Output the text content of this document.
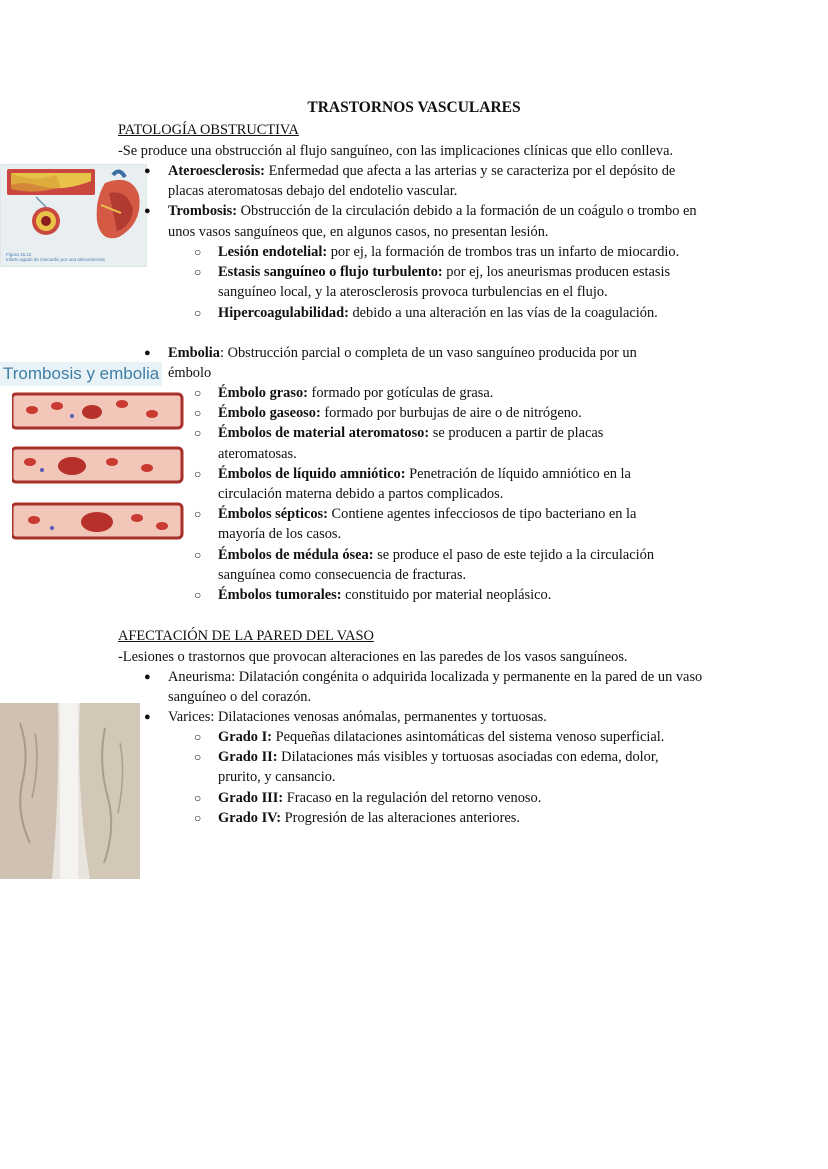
TRASTORNOS VASCULARES
PATOLOGÍA OBSTRUCTIVA
-Se produce una obstrucción al flujo sanguíneo, con las implicaciones clínicas que ello conlleva.
Figura 15.12
Infarto agudo de miocardio por una aterosclerosis
● Ateroesclerosis: Enfermedad que afecta a las arterias y se caracteriza por el depósito de placas ateromatosas debajo del endotelio vascular.
● Trombosis: Obstrucción de la circulación debido a la formación de un coágulo o trombo en unos vasos sanguíneos que, en algunos casos, no presentan lesión.
○ Lesión endotelial: por ej, la formación de trombos tras un infarto de miocardio.
○ Estasis sanguíneo o flujo turbulento: por ej, los aneurismas producen estasis sanguíneo local, y la aterosclerosis provoca turbulencias en el flujo.
○ Hipercoagulabilidad: debido a una alteración en las vías de la coagulación.
Trombosis y embolia
● Embolia: Obstrucción parcial o completa de un vaso sanguíneo producida por un émbolo
○ Émbolo graso: formado por gotículas de grasa.
○ Émbolo gaseoso: formado por burbujas de aire o de nitrógeno.
○ Émbolos de material ateromatoso: se producen a partir de placas ateromatosas.
○ Émbolos de líquido amniótico: Penetración de líquido amniótico en la circulación materna debido a partos complicados.
○ Émbolos sépticos: Contiene agentes infecciosos de tipo bacteriano en la mayoría de los casos.
○ Émbolos de médula ósea: se produce el paso de este tejido a la circulación sanguínea como consecuencia de fracturas.
○ Émbolos tumorales: constituido por material neoplásico.
AFECTACIÓN DE LA PARED DEL VASO
-Lesiones o trastornos que provocan alteraciones en las paredes de los vasos sanguíneos.
● Aneurisma: Dilatación congénita o adquirida localizada y permanente en la pared de un vaso sanguíneo o del corazón.
● Varices: Dilataciones venosas anómalas, permanentes y tortuosas.
○ Grado I: Pequeñas dilataciones asintomáticas del sistema venoso superficial.
○ Grado II: Dilataciones más visibles y tortuosas asociadas con edema, dolor, prurito, y cansancio.
○ Grado III: Fracaso en la regulación del retorno venoso.
○ Grado IV: Progresión de las alteraciones anteriores.
